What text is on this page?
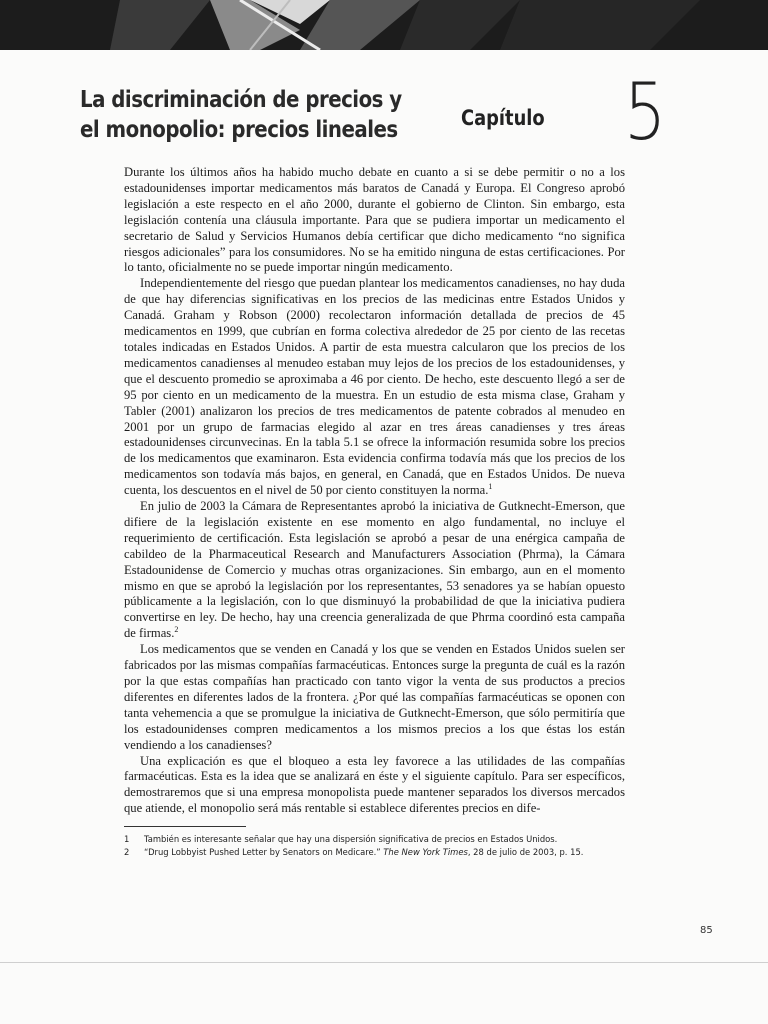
La discriminación de precios y
el monopolio: precios lineales	Capítulo 5

Durante los últimos años ha habido mucho debate en cuanto a si se debe permitir o no a los estadounidenses importar medicamentos más baratos de Canadá y Europa. El Congreso aprobó legislación a este respecto en el año 2000, durante el gobierno de Clinton. Sin embargo, esta legislación contenía una cláusula importante. Para que se pudiera importar un medicamento el secretario de Salud y Servicios Humanos debía certificar que dicho medicamento “no significa riesgos adicionales” para los consumidores. No se ha emitido ninguna de estas certificaciones. Por lo tanto, oficialmente no se puede importar ningún medicamento.

Independientemente del riesgo que puedan plantear los medicamentos canadienses, no hay duda de que hay diferencias significativas en los precios de las medicinas entre Estados Unidos y Canadá. Graham y Robson (2000) recolectaron información detallada de precios de 45 medicamentos en 1999, que cubrían en forma colectiva alrededor de 25 por ciento de las recetas totales indicadas en Estados Unidos. A partir de esta muestra calcularon que los precios de los medicamentos canadienses al menudeo estaban muy lejos de los precios de los estadounidenses, y que el descuento promedio se aproximaba a 46 por ciento. De hecho, este descuento llegó a ser de 95 por ciento en un medicamento de la muestra. En un estudio de esta misma clase, Graham y Tabler (2001) analizaron los precios de tres medicamentos de patente cobrados al menudeo en 2001 por un grupo de farmacias elegido al azar en tres áreas canadienses y tres áreas estadounidenses circunvecinas. En la tabla 5.1 se ofrece la información resumida sobre los precios de los medicamentos que examinaron. Esta evidencia confirma todavía más que los precios de los medicamentos son todavía más bajos, en general, en Canadá, que en Estados Unidos. De nueva cuenta, los descuentos en el nivel de 50 por ciento constituyen la norma.$^1$

En julio de 2003 la Cámara de Representantes aprobó la iniciativa de Gutknecht-Emerson, que difiere de la legislación existente en ese momento en algo fundamental, no incluye el requerimiento de certificación. Esta legislación se aprobó a pesar de una enérgica campaña de cabildeo de la Pharmaceutical Research and Manufacturers Association (Phrma), la Cámara Estadounidense de Comercio y muchas otras organizaciones. Sin embargo, aun en el momento mismo en que se aprobó la legislación por los representantes, 53 senadores ya se habían opuesto públicamente a la legislación, con lo que disminuyó la probabilidad de que la iniciativa pudiera convertirse en ley. De hecho, hay una creencia generalizada de que Phrma coordinó esta campaña de firmas.$^2$

Los medicamentos que se venden en Canadá y los que se venden en Estados Unidos suelen ser fabricados por las mismas compañías farmacéuticas. Entonces surge la pregunta de cuál es la razón por la que estas compañías han practicado con tanto vigor la venta de sus productos a precios diferentes en diferentes lados de la frontera. ¿Por qué las compañías farmacéuticas se oponen con tanta vehemencia a que se promulgue la iniciativa de Gutknecht-Emerson, que sólo permitiría que los estadounidenses compren medicamentos a los mismos precios a los que éstas los están vendiendo a los canadienses?

Una explicación es que el bloqueo a esta ley favorece a las utilidades de las compañías farmacéuticas. Esta es la idea que se analizará en éste y el siguiente capítulo. Para ser específicos, demostraremos que si una empresa monopolista puede mantener separados los diversos mercados que atiende, el monopolio será más rentable si establece diferentes precios en dife-

1	También es interesante señalar que hay una dispersión significativa de precios en Estados Unidos.
2	“Drug Lobbyist Pushed Letter by Senators on Medicare.” The New York Times, 28 de julio de 2003, p. 15.
85
